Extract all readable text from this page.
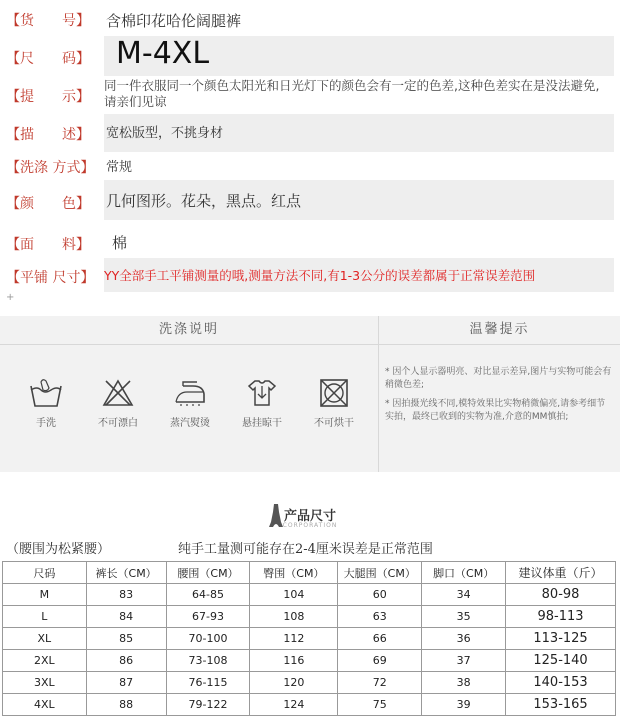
【货　　号】	含棉印花哈伦阔腿裤
【尺　　码】 M-4XL
【提　　示】
同一件衣服同一个颜色太阳光和日光灯下的颜色会有一定的色差,这种色差实在是没法避免,请亲们见谅
【描　　述】	宽松版型，不挑身材
【洗涤 方式】 常规
【颜　　色】	几何图形。花朵，黑点。红点
【面　　料】	棉
【平铺 尺寸】 YY全部手工平铺测量的哦,测量方法不同,有1-3公分的误差都属于正常误差范围
+
洗涤说明
手洗	不可漂白	蒸汽熨烫	悬挂晾干	不可烘干
温馨提示
* 因个人显示器明亮、对比显示差异,图片与实物可能会有稍微色差;
* 因拍摄光线不同,模特效果比实物稍微偏亮,请参考细节实拍，最终已收到的实物为准,介意的MM慎拍;
产品尺寸
CORPORATION
（腰围为松紧腰）	纯手工量测可能存在2-4厘米误差是正常范围
尺码	裤长（CM）	腰围（CM）	臀围（CM）	大腿围（CM）	脚口（CM）	建议体重（斤）
M	83	64-85	104	60	34	80-98
L	84	67-93	108	63	35	98-113
XL	85	70-100	112	66	36	113-125
2XL	86	73-108	116	69	37	125-140
3XL	87	76-115	120	72	38	140-153
4XL	88	79-122	124	75	39	153-165
